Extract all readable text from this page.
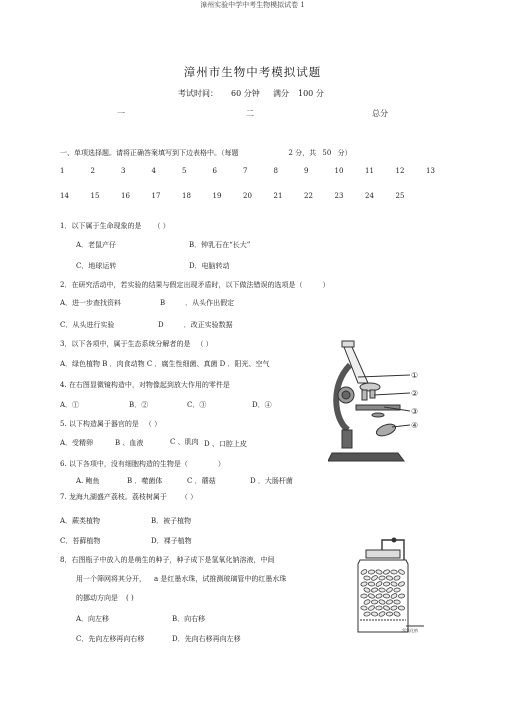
漳州实验中学中考生物模拟试卷 1
漳州市生物中考模拟试题
考试时间： 60 分钟 满分 100 分
一	二	总分
一、单项选择题。请将正确答案填写到下边表格中。（每题	2 分，共 50 分）
1	2	3	4	5	6	7	8	9	10	11	12	13
14	15	16	17	18	19	20	21	22	23	24	25
1．以下属于生命现象的是 （ ）
A．老鼠产仔	B．钟乳石在“长大”
C．地球运转	D．电脑转动
2．在研究活动中，若实验的结果与假定出现矛盾时，以下做法错误的选项是（	）
A．进一步查找资料	B	．从头作出假定
C．从头进行实验	D	．改正实验数据
3．以下各项中，属于生态系统分解者的是 （ ）
A．绿色植物 B ．肉食动物 C ．腐生性细菌、真菌 D ．阳光、空气
4. 在右图显微镜构造中，对物像起到放大作用的零件是
A．①	B．②	C．③	D．④
5. 以下构造属于器官的是 （ ）
A．受精卵	B 、血液	C 、肌肉 D 、口腔上皮
6. 以下各项中，没有细胞构造的生物是（	）
A. 鲍鱼	B ．噬菌体	C ．蘑菇	D ．大肠杆菌
7. 龙海九湖盛产荔枝。荔枝树属于 （ ）
A．蕨类植物	B．被子植物
C．苔藓植物	D．裸子植物
8．右图瓶子中放入的是萌生的种子，种子成下是氢氧化钠溶液，中间
用一个筛网将其分开， a 是红墨水珠，试推测玻璃管中的红墨水珠
的挪动方向是 ( )
A．向左移	B．向右移
C．先向左移再向右移	D．先向右移再向左移
①
②
③
④
氢氧化钠
